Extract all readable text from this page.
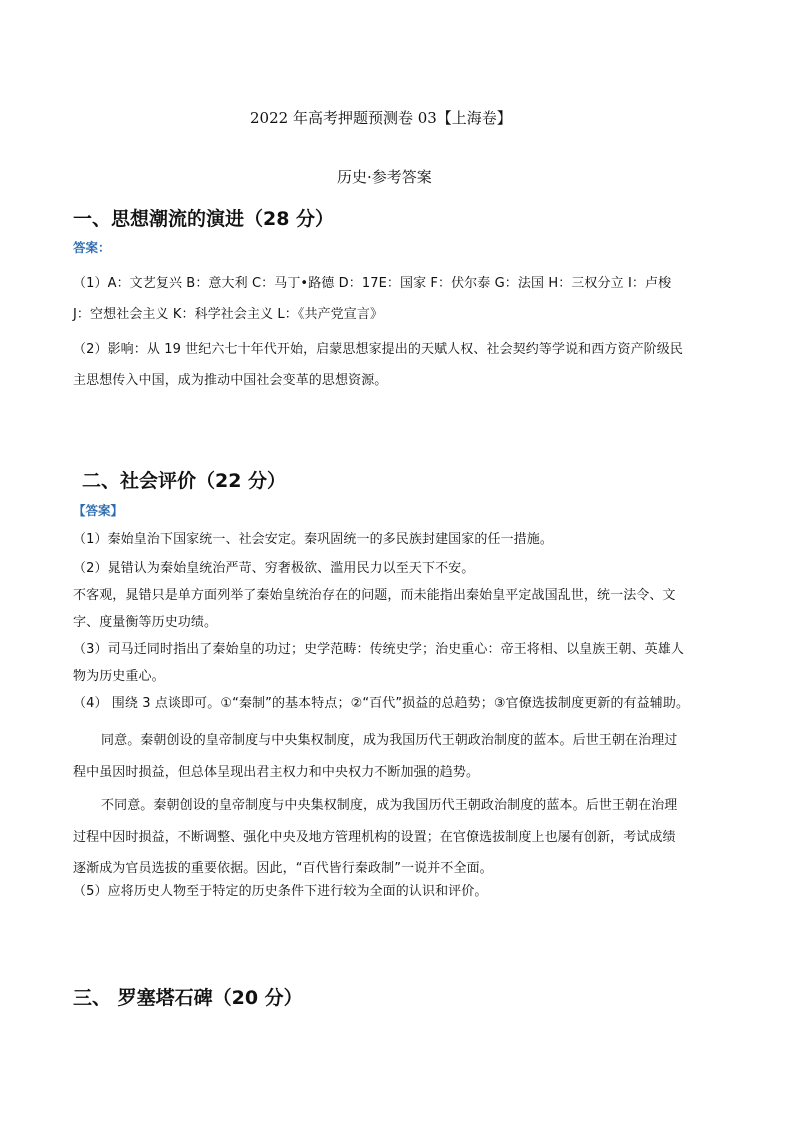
2022 年高考押题预测卷 03【上海卷】
历史·参考答案
一、思想潮流的演进（28 分）
答案：
（1）A：文艺复兴 B：意大利 C：马丁•路德 D：17E：国家 F：伏尔泰 G：法国 H：三权分立 I：卢梭
J：空想社会主义 K：科学社会主义 L：《共产党宣言》
（2）影响：从 19 世纪六七十年代开始，启蒙思想家提出的天赋人权、社会契约等学说和西方资产阶级民
主思想传入中国，成为推动中国社会变革的思想资源。
二、社会评价（22 分）
【答案】
（1）秦始皇治下国家统一、社会安定。秦巩固统一的多民族封建国家的任一措施。
（2）晁错认为秦始皇统治严苛、穷奢极欲、滥用民力以至天下不安。
不客观，晁错只是单方面列举了秦始皇统治存在的问题，而未能指出秦始皇平定战国乱世，统一法令、文
字、度量衡等历史功绩。
（3）司马迁同时指出了秦始皇的功过；史学范畴：传统史学；治史重心：帝王将相、以皇族王朝、英雄人
物为历史重心。
（4） 围绕 3 点谈即可。①“秦制”的基本特点；②“百代”损益的总趋势；③官僚选拔制度更新的有益辅助。
同意。秦朝创设的皇帝制度与中央集权制度，成为我国历代王朝政治制度的蓝本。后世王朝在治理过
程中虽因时损益，但总体呈现出君主权力和中央权力不断加强的趋势。
不同意。秦朝创设的皇帝制度与中央集权制度，成为我国历代王朝政治制度的蓝本。后世王朝在治理
过程中因时损益，不断调整、强化中央及地方管理机构的设置；在官僚选拔制度上也屡有创新，考试成绩
逐渐成为官员选拔的重要依据。因此，“百代皆行秦政制”一说并不全面。
（5）应将历史人物至于特定的历史条件下进行较为全面的认识和评价。
三、 罗塞塔石碑（20 分）
